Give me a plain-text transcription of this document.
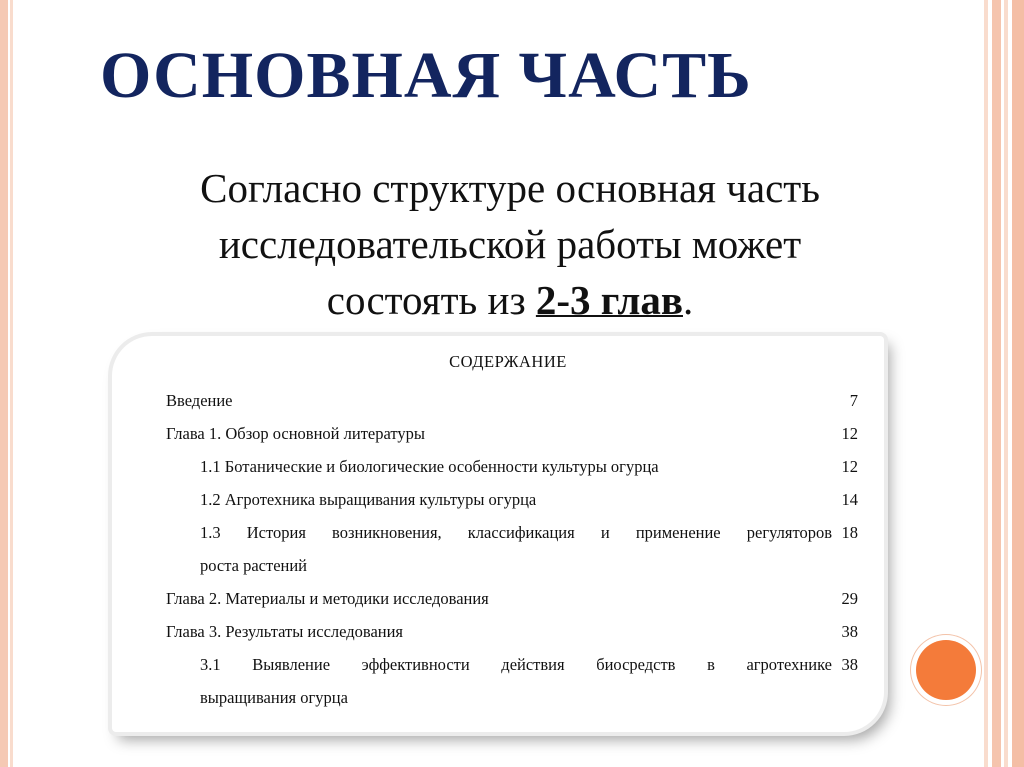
ОСНОВНАЯ ЧАСТЬ
Согласно структуре основная часть
исследовательской работы может
состоять из 2-3 глав.
СОДЕРЖАНИЕ
Введение	7
Глава 1. Обзор основной литературы	12
1.1 Ботанические и биологические особенности культуры огурца	12
1.2 Агротехника выращивания культуры огурца	14
1.3 История возникновения, классификация и применение регуляторов 18
роста растений
Глава 2. Материалы и методики исследования	29
Глава 3. Результаты исследования	38
3.1 Выявление эффективности действия биосредств в агротехнике 38
выращивания огурца
